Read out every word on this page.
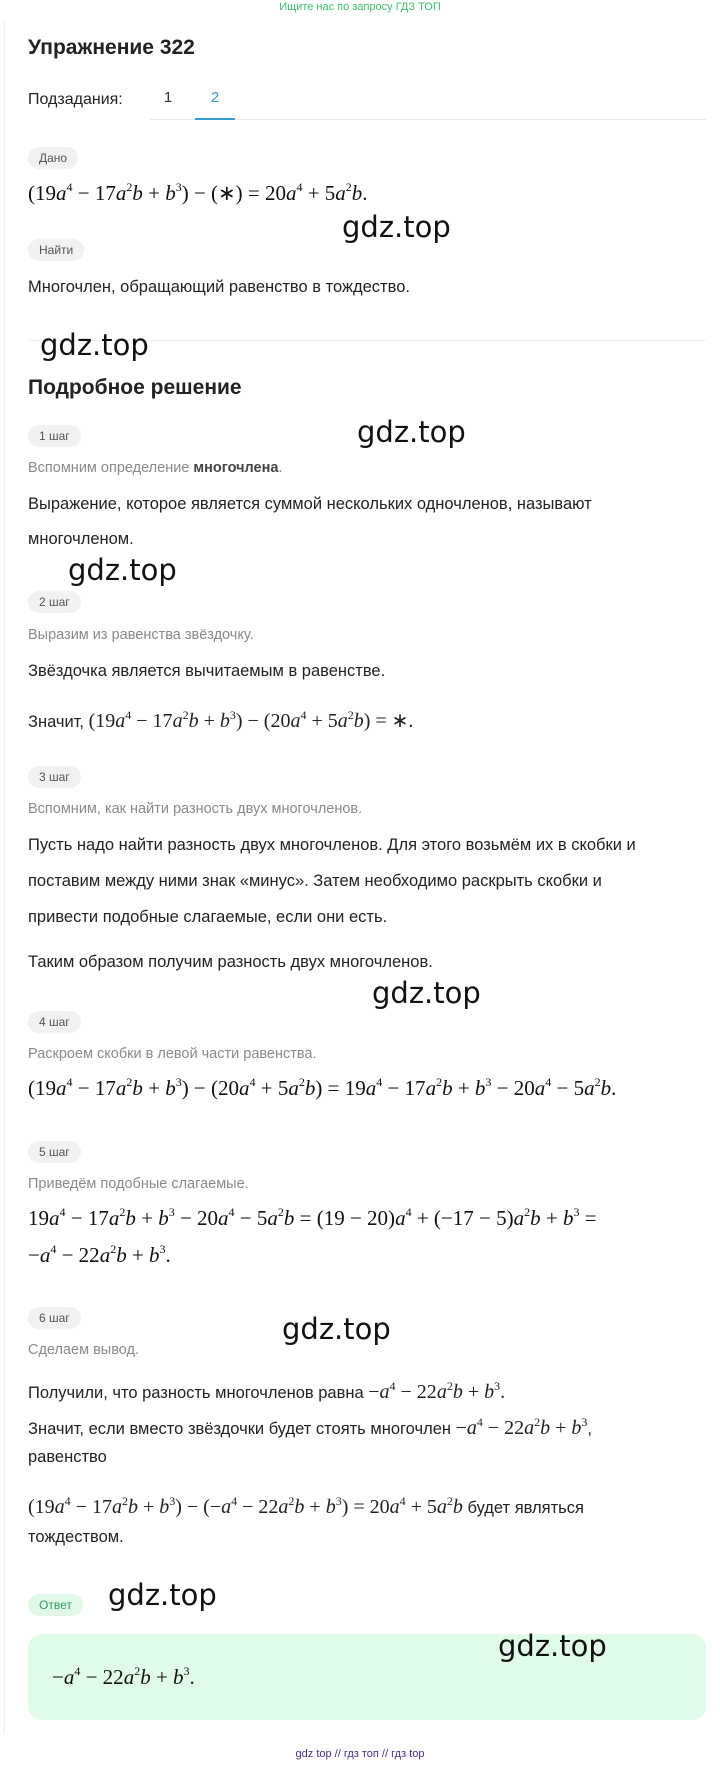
Ищите нас по запросу ГДЗ ТОП
Упражнение 322
Подзадания:	1	2
Дано
$(19a^4 - 17a^2b + b^3)$ − (∗) = $20a^4 + 5a^2b$.
gdz.top
Найти
Многочлен, обращающий равенство в тождество.
gdz.top
Подробное решение
1 шаг	gdz.top
Вспомним определение многочлена.
Выражение, которое является суммой нескольких одночленов, называют
многочленом.
gdz.top
2 шаг
Выразим из равенства звёздочку.
Звёздочка является вычитаемым в равенстве.
Значит, $(19a^4 - 17a^2b + b^3) - (20a^4 + 5a^2b)$ = ∗.
3 шаг
Вспомним, как найти разность двух многочленов.
Пусть надо найти разность двух многочленов. Для этого возьмём их в скобки и
поставим между ними знак «минус». Затем необходимо раскрыть скобки и
привести подобные слагаемые, если они есть.
Таким образом получим разность двух многочленов.
gdz.top
4 шаг
Раскроем скобки в левой части равенства.
$(19a^4 - 17a^2b + b^3) - (20a^4 + 5a^2b) = 19a^4 - 17a^2b + b^3 - 20a^4 - 5a^2b$.
5 шаг
Приведём подобные слагаемые.
$19a^4 - 17a^2b + b^3 - 20a^4 - 5a^2b = (19 - 20)a^4 + (-17 - 5)a^2b + b^3$ =
$-a^4 - 22a^2b + b^3$.
6 шаг	gdz.top
Сделаем вывод.
Получили, что разность многочленов равна $-a^4 - 22a^2b + b^3$.
Значит, если вместо звёздочки будет стоять многочлен $-a^4 - 22a^2b + b^3$,
равенство
$(19a^4 - 17a^2b + b^3) - (-a^4 - 22a^2b + b^3) = 20a^4 + 5a^2b$ будет являться
тождеством.
Ответ	gdz.top
gdz.top
$-a^4 - 22a^2b + b^3$.
gdz top // гдз топ // гдз top
